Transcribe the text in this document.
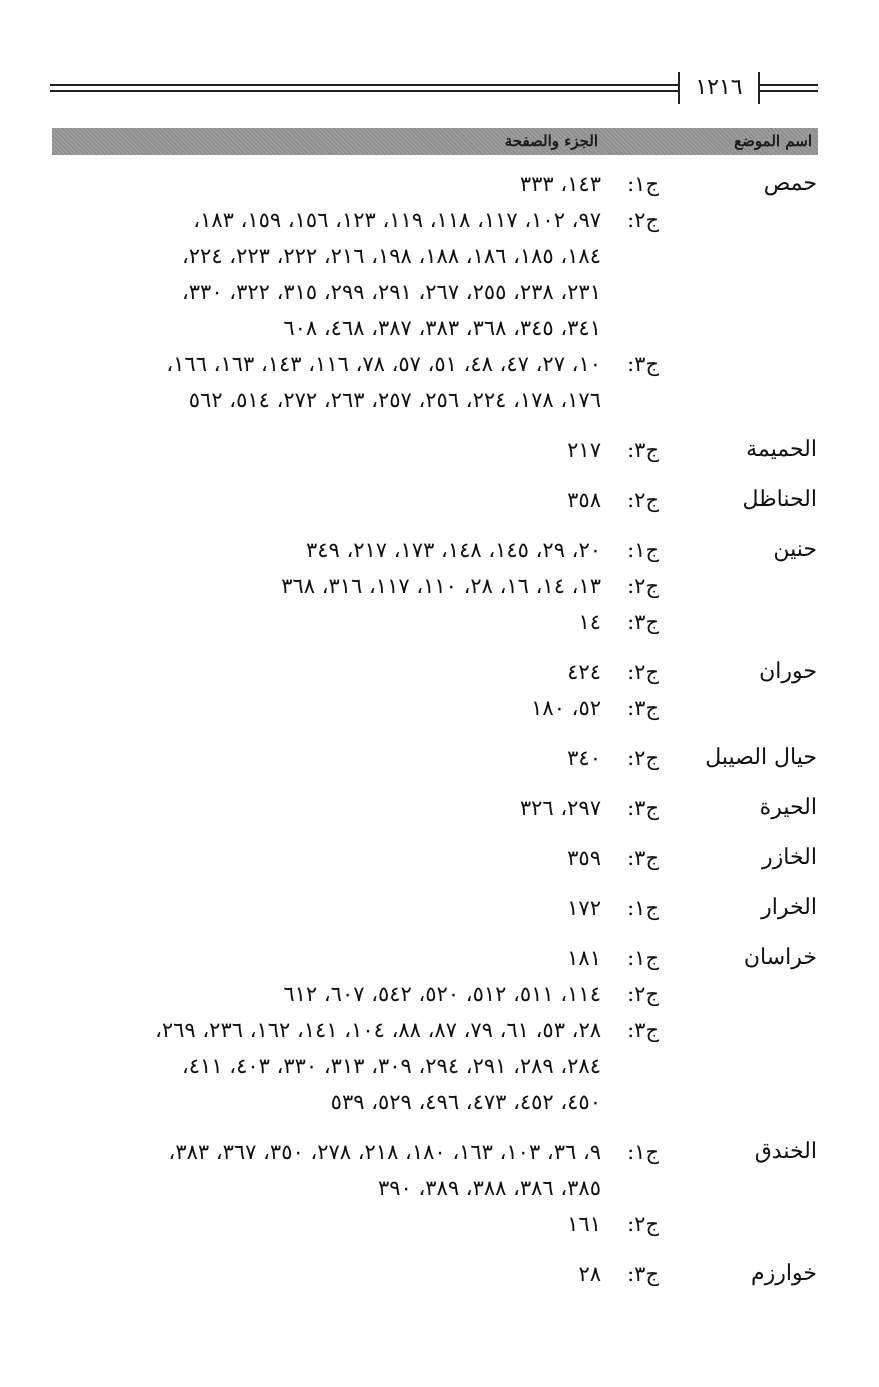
١٢١٦
اسم الموضع
الجزء والصفحة
حمص
ج١:
١٤٣، ٣٣٣
ج٢:
٩٧، ١٠٢، ١١٧، ١١٨، ١١٩، ١٢٣، ١٥٦، ١٥٩، ١٨٣،
١٨٤، ١٨٥، ١٨٦، ١٨٨، ١٩٨، ٢١٦، ٢٢٢، ٢٢٣، ٢٢٤،
٢٣١، ٢٣٨، ٢٥٥، ٢٦٧، ٢٩١، ٢٩٩، ٣١٥، ٣٢٢، ٣٣٠،
٣٤١، ٣٤٥، ٣٦٨، ٣٨٣، ٣٨٧، ٤٦٨، ٦٠٨
ج٣:
١٠، ٢٧، ٤٧، ٤٨، ٥١، ٥٧، ٧٨، ١١٦، ١٤٣، ١٦٣، ١٦٦،
١٧٦، ١٧٨، ٢٢٤، ٢٥٦، ٢٥٧، ٢٦٣، ٢٧٢، ٥١٤، ٥٦٢
الحميمة
ج٣:
٢١٧
الحناظل
ج٢:
٣٥٨
حنين
ج١:
٢٠، ٢٩، ١٤٥، ١٤٨، ١٧٣، ٢١٧، ٣٤٩
ج٢:
١٣، ١٤، ١٦، ٢٨، ١١٠، ١١٧، ٣١٦، ٣٦٨
ج٣:
١٤
حوران
ج٢:
٤٢٤
ج٣:
٥٢، ١٨٠
حيال الصيبل
ج٢:
٣٤٠
الحيرة
ج٣:
٢٩٧، ٣٢٦
الخازر
ج٣:
٣٥٩
الخرار
ج١:
١٧٢
خراسان
ج١:
١٨١
ج٢:
١١٤، ٥١١، ٥١٢، ٥٢٠، ٥٤٢، ٦٠٧، ٦١٢
ج٣:
٢٨، ٥٣، ٦١، ٧٩، ٨٧، ٨٨، ١٠٤، ١٤١، ١٦٢، ٢٣٦، ٢٦٩،
٢٨٤، ٢٨٩، ٢٩١، ٢٩٤، ٣٠٩، ٣١٣، ٣٣٠، ٤٠٣، ٤١١،
٤٥٠، ٤٥٢، ٤٧٣، ٤٩٦، ٥٢٩، ٥٣٩
الخندق
ج١:
٩، ٣٦، ١٠٣، ١٦٣، ١٨٠، ٢١٨، ٢٧٨، ٣٥٠، ٣٦٧، ٣٨٣،
٣٨٥، ٣٨٦، ٣٨٨، ٣٨٩، ٣٩٠
ج٢:
١٦١
خوارزم
ج٣:
٢٨
